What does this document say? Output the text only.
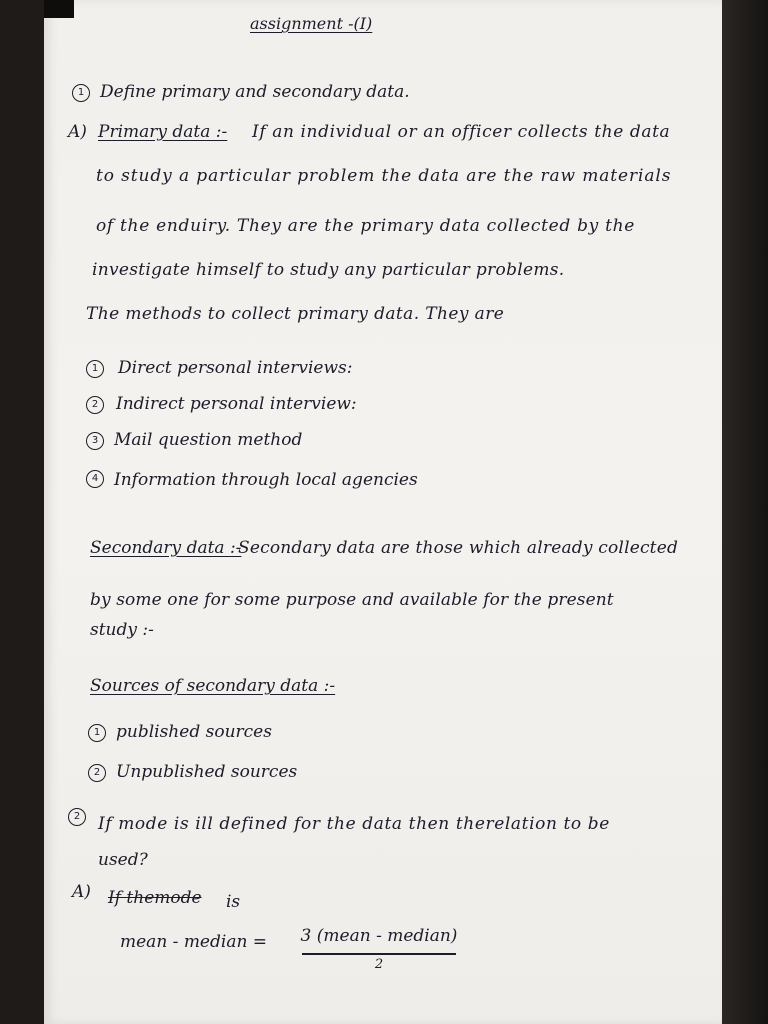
assignment -(I)
1 Define primary and secondary data.
A) Primary data :- If an individual or an officer collects the data
to study a particular problem the data are the raw materials
of the enduiry. They are the primary data collected by the
investigate himself to study any particular problems.
The methods to collect primary data. They are
1	Direct personal interviews:
2	Indirect personal interview:
3 Mail question method
4 Information through local agencies
Secondary data :-
Secondary data are those which already collected
by some one for some purpose and available for the present
study :-
Sources of secondary data :-
1 published sources
2 Unpublished sources
2	If mode is ill defined for the data then therelation to be
used?
A) If themode is
mean - median = 3 (mean - median)
2
